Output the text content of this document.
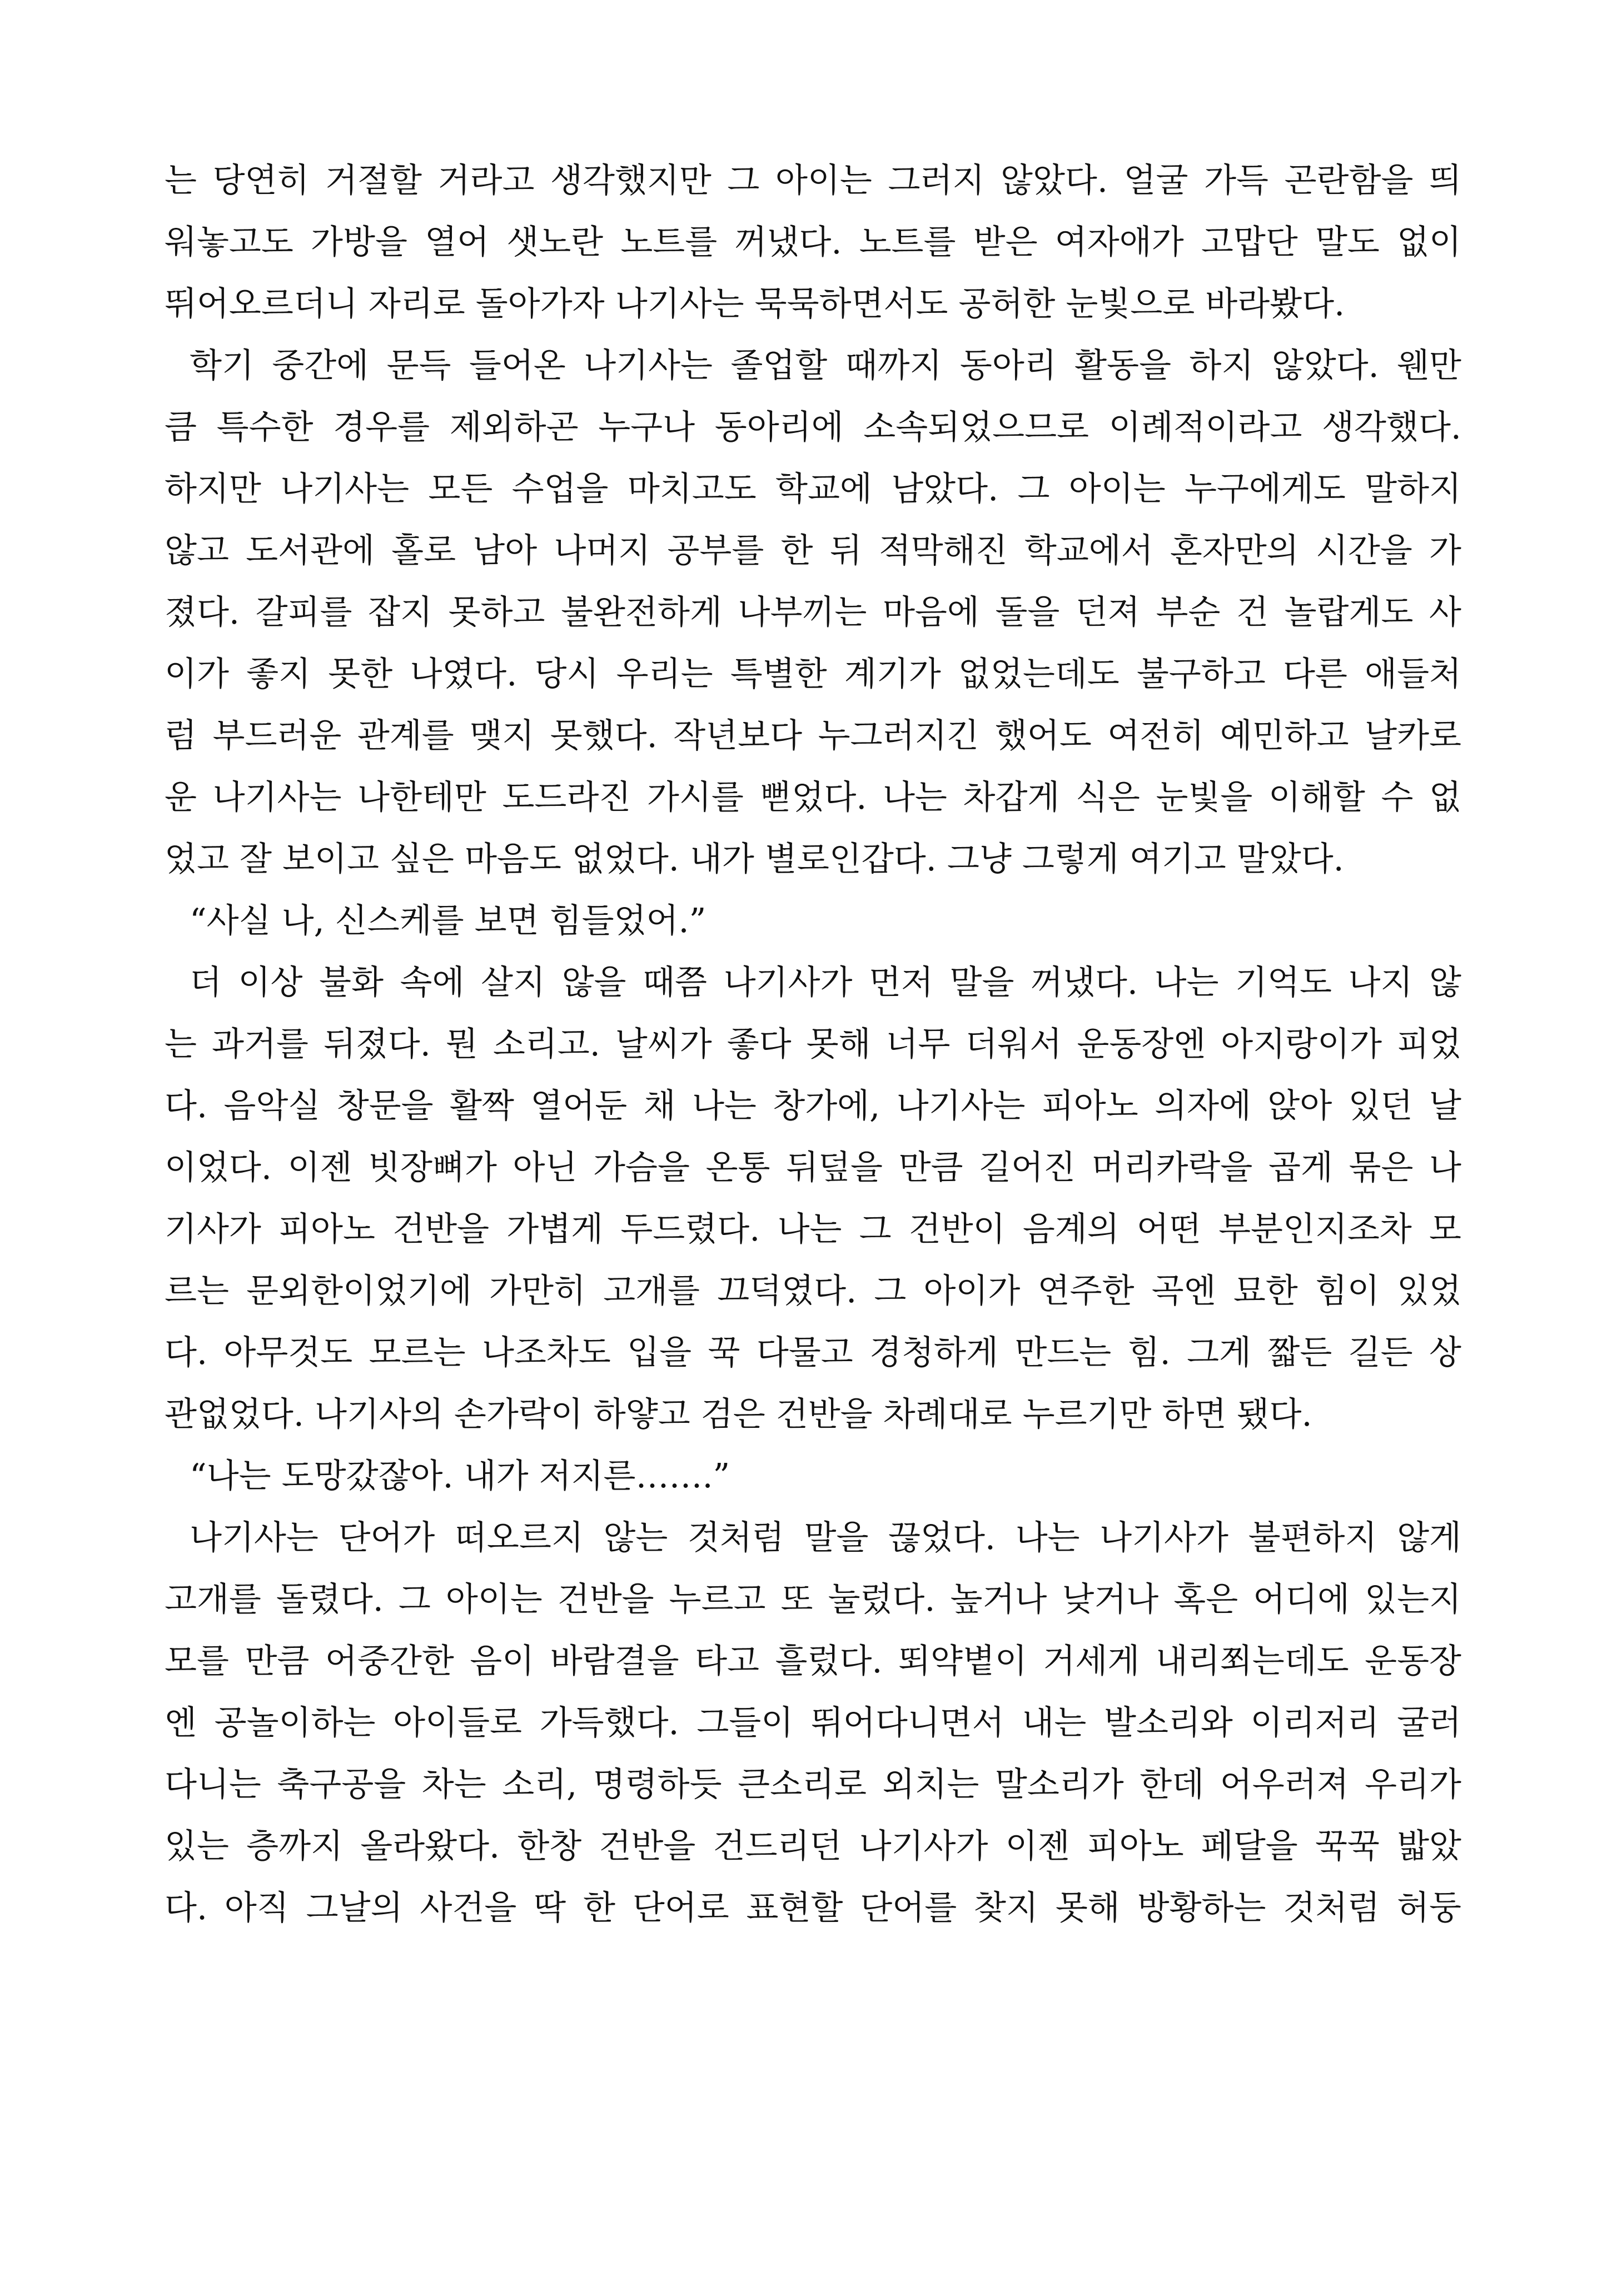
는 당연히 거절할 거라고 생각했지만 그 아이는 그러지 않았다. 얼굴 가득 곤란함을 띄
워놓고도 가방을 열어 샛노란 노트를 꺼냈다. 노트를 받은 여자애가 고맙단 말도 없이
뛰어오르더니 자리로 돌아가자 나기사는 묵묵하면서도 공허한 눈빛으로 바라봤다.
학기 중간에 문득 들어온 나기사는 졸업할 때까지 동아리 활동을 하지 않았다. 웬만
큼 특수한 경우를 제외하곤 누구나 동아리에 소속되었으므로 이례적이라고 생각했다.
하지만 나기사는 모든 수업을 마치고도 학교에 남았다. 그 아이는 누구에게도 말하지
않고 도서관에 홀로 남아 나머지 공부를 한 뒤 적막해진 학교에서 혼자만의 시간을 가
졌다. 갈피를 잡지 못하고 불완전하게 나부끼는 마음에 돌을 던져 부순 건 놀랍게도 사
이가 좋지 못한 나였다. 당시 우리는 특별한 계기가 없었는데도 불구하고 다른 애들처
럼 부드러운 관계를 맺지 못했다. 작년보다 누그러지긴 했어도 여전히 예민하고 날카로
운 나기사는 나한테만 도드라진 가시를 뻗었다. 나는 차갑게 식은 눈빛을 이해할 수 없
었고 잘 보이고 싶은 마음도 없었다. 내가 별로인갑다. 그냥 그렇게 여기고 말았다.
“사실 나, 신스케를 보면 힘들었어.”
더 이상 불화 속에 살지 않을 때쯤 나기사가 먼저 말을 꺼냈다. 나는 기억도 나지 않
는 과거를 뒤졌다. 뭔 소리고. 날씨가 좋다 못해 너무 더워서 운동장엔 아지랑이가 피었
다. 음악실 창문을 활짝 열어둔 채 나는 창가에, 나기사는 피아노 의자에 앉아 있던 날
이었다. 이젠 빗장뼈가 아닌 가슴을 온통 뒤덮을 만큼 길어진 머리카락을 곱게 묶은 나
기사가 피아노 건반을 가볍게 두드렸다. 나는 그 건반이 음계의 어떤 부분인지조차 모
르는 문외한이었기에 가만히 고개를 끄덕였다. 그 아이가 연주한 곡엔 묘한 힘이 있었
다. 아무것도 모르는 나조차도 입을 꾹 다물고 경청하게 만드는 힘. 그게 짧든 길든 상
관없었다. 나기사의 손가락이 하얗고 검은 건반을 차례대로 누르기만 하면 됐다.
“나는 도망갔잖아. 내가 저지른…….”
나기사는 단어가 떠오르지 않는 것처럼 말을 끊었다. 나는 나기사가 불편하지 않게
고개를 돌렸다. 그 아이는 건반을 누르고 또 눌렀다. 높거나 낮거나 혹은 어디에 있는지
모를 만큼 어중간한 음이 바람결을 타고 흘렀다. 뙤약볕이 거세게 내리쬐는데도 운동장
엔 공놀이하는 아이들로 가득했다. 그들이 뛰어다니면서 내는 발소리와 이리저리 굴러
다니는 축구공을 차는 소리, 명령하듯 큰소리로 외치는 말소리가 한데 어우러져 우리가
있는 층까지 올라왔다. 한창 건반을 건드리던 나기사가 이젠 피아노 페달을 꾹꾹 밟았
다. 아직 그날의 사건을 딱 한 단어로 표현할 단어를 찾지 못해 방황하는 것처럼 허둥
